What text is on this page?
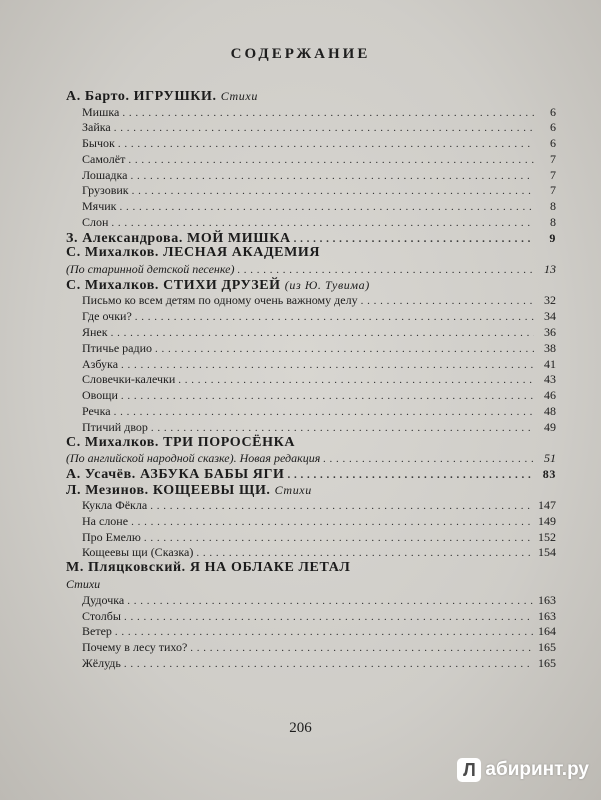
СОДЕРЖАНИЕ
А. Барто. ИГРУШКИ. Стихи
Мишка . . .	6
Зайка . . .	6
Бычок . . .	6
Самолёт . . .	7
Лошадка . . .	7
Грузовик . . .	7
Мячик . . .	8
Слон . . .	8
З. Александрова. МОЙ МИШКА . . .	9
С. Михалков. ЛЕСНАЯ АКАДЕМИЯ
(По старинной детской песенке) . . .	13
С. Михалков. СТИХИ ДРУЗЕЙ (из Ю. Тувима)
Письмо ко всем детям по одному очень важному делу . . .	32
Где очки? . . .	34
Янек . . .	36
Птичье радио . . .	38
Азбука . . .	41
Словечки-калечки . . .	43
Овощи . . .	46
Речка . . .	48
Птичий двор . . .	49
С. Михалков. ТРИ ПОРОСЁНКА
(По английской народной сказке). Новая редакция . . .	51
А. Усачёв. АЗБУКА БАБЫ ЯГИ . . .	83
Л. Мезинов. КОЩЕЕВЫ ЩИ. Стихи
Кукла Фёкла . . .	147
На слоне . . .	149
Про Емелю . . .	152
Кощеевы щи (Сказка) . . .	154
М. Пляцковский. Я НА ОБЛАКЕ ЛЕТАЛ
Стихи
Дудочка . . .	163
Столбы . . .	163
Ветер . . .	164
Почему в лесу тихо? . . .	165
Жёлудь . . .	165
206
Л абиринт.ру
